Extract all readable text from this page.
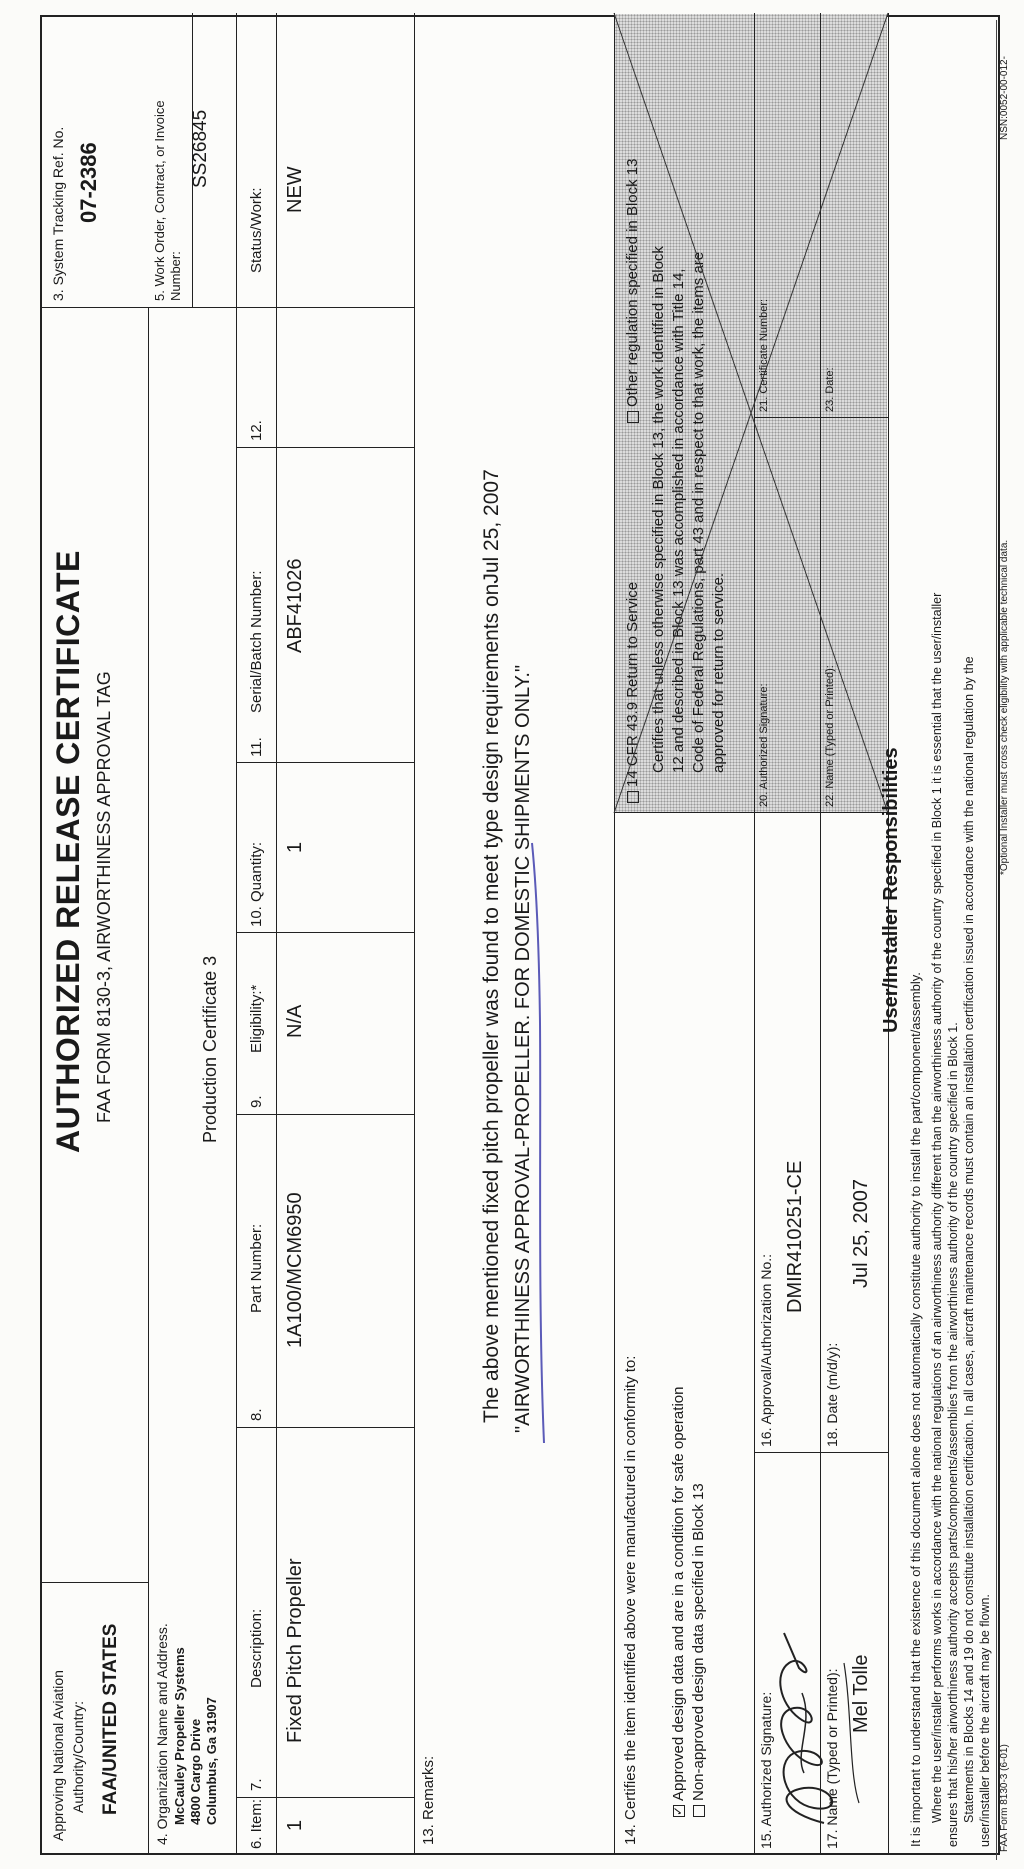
Approving National Aviation Authority/Country: FAA/UNITED STATES
AUTHORIZED RELEASE CERTIFICATE FAA FORM 8130-3, AIRWORTHINESS APPROVAL TAG
3. System Tracking Ref. No. 07-2386
4. Organization Name and Address. McCauley Propeller Systems 4800 Cargo Drive Columbus, Ga 31907
Production Certificate 3
5. Work Order, Contract, or Invoice Number:
SS26845
6. Item:
7.
Description:
8.
Part Number:
9.
Eligibility:*
10. Quantity:
11.
Serial/Batch Number:
12.
Status/Work:
1
Fixed Pitch Propeller
1A100/MCM6950
N/A
1
ABF41026
NEW
13. Remarks:
The above mentioned fixed pitch propeller was found to meet type design requirements onJul 25, 2007 "AIRWORTHINESS APPROVAL-PROPELLER. FOR DOMESTIC SHIPMENTS ONLY."
14. Certifies the item identified above were manufactured in conformity to:
✓ Approved design data and are in a condition for safe operation Non-approved design data specified in Block 13	15. Authorized Signature:
16. Approval/Authorization No.:
DMIR410251-CE
17. Name (Typed or Printed): Mel Tolle
18. Date (m/d/y):
Jul 25, 2007
14 CFR 43.9 Return to Service
Other regulation specified in Block 13 Certifies that unless otherwise specified in Block 13, the work identified in Block 12 and described in Block 13 was accomplished in accordance with Title 14, Code of Federal Regulations, part 43 and in respect to that work, the items are approved for return to service.	20. Authorized Signature:
21. Certificate Number:
22. Name (Typed or Printed):
23. Date:
User/Installer Responsibilities
It is important to understand that the existence of this document alone does not automatically constitute authority to install the part/component/assembly. Where the user/installer performs works in accordance with the national regulations of an airworthiness authority different than the airworthiness authority of the country specified in Block 1 it is essential that the user/installer ensures that his/her airworthiness authority accepts parts/components/assemblies from the airworthiness authority of the country specified in Block 1. Statements in Blocks 14 and 19 do not constitute installation certification. In all cases, aircraft maintenance records must contain an installation certification issued in accordance with the national regulation by the user/installer before the aircraft may be flown. FAA Form 8130-3 (6-01)
*Optional Installer must cross check eligibility with applicable technical data.
NSN:0052-00-012-
